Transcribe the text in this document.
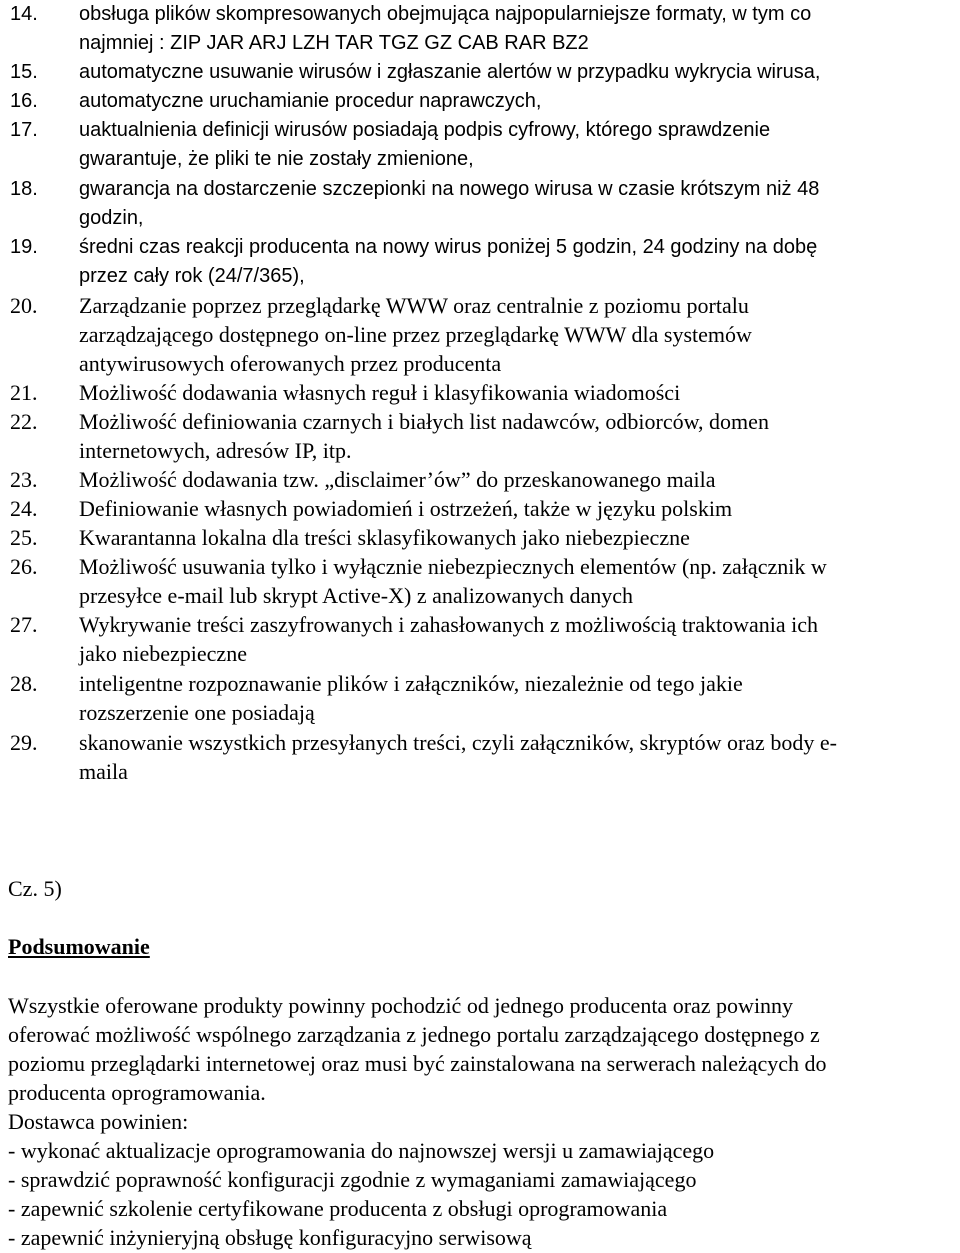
14. obsługa plików skompresowanych obejmująca najpopularniejsze formaty, w tym co
najmniej : ZIP JAR ARJ LZH TAR TGZ GZ CAB RAR BZ2
15. automatyczne usuwanie wirusów i zgłaszanie alertów w przypadku wykrycia wirusa,
16. automatyczne uruchamianie procedur naprawczych,
17. uaktualnienia definicji wirusów posiadają podpis cyfrowy, którego sprawdzenie
gwarantuje, że pliki te nie zostały zmienione,
18. gwarancja na dostarczenie szczepionki na nowego wirusa w czasie krótszym niż 48
godzin,
19. średni czas reakcji producenta na nowy wirus poniżej 5 godzin, 24 godziny na dobę
przez cały rok (24/7/365),
20. Zarządzanie poprzez przeglądarkę WWW oraz centralnie z poziomu portalu
zarządzającego dostępnego on-line przez przeglądarkę WWW dla systemów
antywirusowych oferowanych przez producenta
21. Możliwość dodawania własnych reguł i klasyfikowania wiadomości
22. Możliwość definiowania czarnych i białych list nadawców, odbiorców, domen
internetowych, adresów IP, itp.
23. Możliwość dodawania tzw. „disclaimer’ów” do przeskanowanego maila
24. Definiowanie własnych powiadomień i ostrzeżeń, także w języku polskim
25. Kwarantanna lokalna dla treści sklasyfikowanych jako niebezpieczne
26. Możliwość usuwania tylko i wyłącznie niebezpiecznych elementów (np. załącznik w
przesyłce e-mail lub skrypt Active-X) z analizowanych danych
27. Wykrywanie treści zaszyfrowanych i zahasłowanych z możliwością traktowania ich
jako niebezpieczne
28. inteligentne rozpoznawanie plików i załączników, niezależnie od tego jakie
rozszerzenie one posiadają
29. skanowanie wszystkich przesyłanych treści, czyli załączników, skryptów oraz body e-
maila
Cz. 5)
Podsumowanie
Wszystkie oferowane produkty powinny pochodzić od jednego producenta oraz powinny
oferować możliwość wspólnego zarządzania z jednego portalu zarządzającego dostępnego z
poziomu przeglądarki internetowej oraz musi być zainstalowana na serwerach należących do
producenta oprogramowania.
Dostawca powinien:
- wykonać aktualizacje oprogramowania do najnowszej wersji u zamawiającego
- sprawdzić poprawność konfiguracji zgodnie z wymaganiami zamawiającego
- zapewnić szkolenie certyfikowane producenta z obsługi oprogramowania
- zapewnić inżynieryjną obsługę konfiguracyjno serwisową
